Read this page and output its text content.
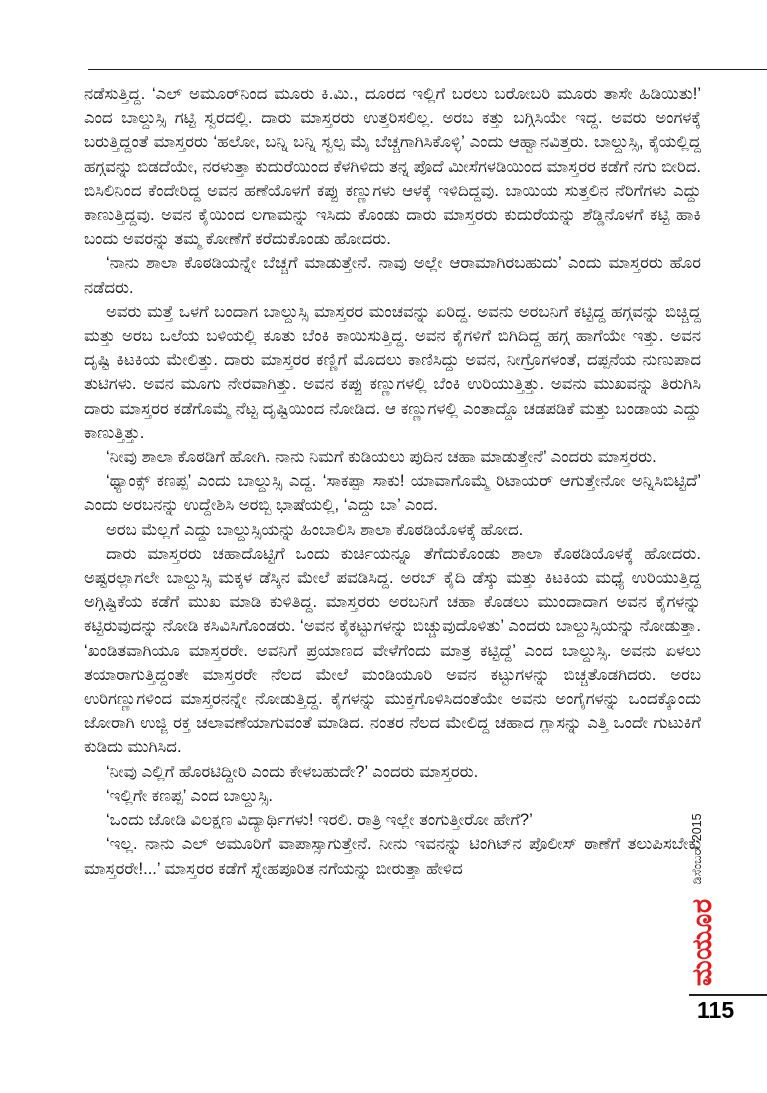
ನಡೆಸುತ್ತಿದ್ದ. ‘ಎಲ್ ಅಮೂರ್‌ನಿಂದ ಮೂರು ಕಿ.ಮಿ., ದೂರದ ಇಲ್ಲಿಗೆ ಬರಲು ಬರೋಬರಿ ಮೂರು ತಾಸೇ ಹಿಡಿಯಿತು!’ ಎಂದ ಬಾಲ್ದುಸ್ಸಿ ಗಟ್ಟಿ ಸ್ವರದಲ್ಲಿ. ದಾರು ಮಾಸ್ತರರು ಉತ್ತರಿಸಲಿಲ್ಲ. ಅರಬ ಕತ್ತು ಬಗ್ಗಿಸಿಯೇ ಇದ್ದ. ಅವರು ಅಂಗಳಕ್ಕೆ ಬರುತ್ತಿದ್ದಂತೆ ಮಾಸ್ತರರು ‘ಹಲೋ, ಬನ್ನಿ ಬನ್ನಿ ಸ್ವಲ್ಪ ಮೈ ಬೆಚ್ಚಗಾಗಿಸಿಕೊಳ್ಳಿ’ ಎಂದು ಆಹ್ವಾನವಿತ್ತರು. ಬಾಲ್ದುಸ್ಸಿ, ಕೈಯಲ್ಲಿದ್ದ ಹಗ್ಗವನ್ನು ಬಿಡದೆಯೇ, ನರಳುತ್ತಾ ಕುದುರೆಯಿಂದ ಕೆಳಗಿಳಿದು ತನ್ನ ಪೊದೆ ಮೀಸೆಗಳಡಿಯಿಂದ ಮಾಸ್ತರರ ಕಡೆಗೆ ನಗು ಬೀರಿದ. ಬಿಸಿಲಿನಿಂದ ಕೆಂದೇರಿದ್ದ ಅವನ ಹಣೆಯೊಳಗೆ ಕಪ್ಪು ಕಣ್ಣುಗಳು ಆಳಕ್ಕೆ ಇಳಿದಿದ್ದವು. ಬಾಯಿಯ ಸುತ್ತಲಿನ ನೆರಿಗೆಗಳು ಎದ್ದು ಕಾಣುತ್ತಿದ್ದವು. ಅವನ ಕೈಯಿಂದ ಲಗಾಮನ್ನು ಇಸಿದು ಕೊಂಡು ದಾರು ಮಾಸ್ತರರು ಕುದುರೆಯನ್ನು ಶೆಡ್ಡಿನೊಳಗೆ ಕಟ್ಟಿ ಹಾಕಿ ಬಂದು ಅವರನ್ನು ತಮ್ಮ ಕೋಣೆಗೆ ಕರೆದುಕೊಂಡು ಹೋದರು.

‘ನಾನು ಶಾಲಾ ಕೊಠಡಿಯನ್ನೇ ಬೆಚ್ಚಗೆ ಮಾಡುತ್ತೇನೆ. ನಾವು ಅಲ್ಲೇ ಆರಾಮಾಗಿರಬಹುದು’ ಎಂದು ಮಾಸ್ತರರು ಹೊರ ನಡೆದರು.

ಅವರು ಮತ್ತೆ ಒಳಗೆ ಬಂದಾಗ ಬಾಲ್ದುಸ್ಸಿ ಮಾಸ್ತರರ ಮಂಚವನ್ನು ಏರಿದ್ದ. ಅವನು ಅರಬನಿಗೆ ಕಟ್ಟಿದ್ದ ಹಗ್ಗವನ್ನು ಬಿಚ್ಚಿದ್ದ ಮತ್ತು ಅರಬ ಒಲೆಯ ಬಳಿಯಲ್ಲಿ ಕೂತು ಬೆಂಕಿ ಕಾಯಿಸುತ್ತಿದ್ದ. ಅವನ ಕೈಗಳಿಗೆ ಬಿಗಿದಿದ್ದ ಹಗ್ಗ ಹಾಗೆಯೇ ಇತ್ತು. ಅವನ ದೃಷ್ಟಿ ಕಿಟಕಿಯ ಮೇಲಿತ್ತು. ದಾರು ಮಾಸ್ತರರ ಕಣ್ಣಿಗೆ ಮೊದಲು ಕಾಣಿಸಿದ್ದು ಅವನ, ನೀಗ್ರೊಗಳಂತೆ, ದಪ್ಪನೆಯ ನುಣುಪಾದ ತುಟಿಗಳು. ಅವನ ಮೂಗು ನೇರವಾಗಿತ್ತು. ಅವನ ಕಪ್ಪು ಕಣ್ಣುಗಳಲ್ಲಿ ಬೆಂಕಿ ಉರಿಯುತ್ತಿತ್ತು. ಅವನು ಮುಖವನ್ನು ತಿರುಗಿಸಿ ದಾರು ಮಾಸ್ತರರ ಕಡೆಗೊಮ್ಮೆ ನೆಟ್ಟ ದೃಷ್ಟಿಯಿಂದ ನೋಡಿದ. ಆ ಕಣ್ಣುಗಳಲ್ಲಿ ಎಂತಾದ್ದೊ ಚಡಪಡಿಕೆ ಮತ್ತು ಬಂಡಾಯ ಎದ್ದು ಕಾಣುತ್ತಿತ್ತು.

‘ನೀವು ಶಾಲಾ ಕೊಠಡಿಗೆ ಹೋಗಿ. ನಾನು ನಿಮಗೆ ಕುಡಿಯಲು ಪುದಿನ ಚಹಾ ಮಾಡುತ್ತೇನೆ’ ಎಂದರು ಮಾಸ್ತರರು.

‘ಥ್ಯಾಂಕ್ಸ್ ಕಣಪ್ಪ’ ಎಂದು ಬಾಲ್ದುಸ್ಸಿ ಎದ್ದ. ‘ಸಾಕಪ್ಪಾ ಸಾಕು! ಯಾವಾಗೊಮ್ಮೆ ರಿಟಾಯರ್ ಆಗುತ್ತೇನೋ ಅನ್ನಿಸಿಬಿಟ್ಟಿದೆ’ ಎಂದು ಅರಬನನ್ನು ಉದ್ದೇಶಿಸಿ ಅರಬ್ಬಿ ಭಾಷೆಯಲ್ಲಿ, ‘ಎದ್ದು ಬಾ’ ಎಂದ.

ಅರಬ ಮೆಲ್ಲಗೆ ಎದ್ದು ಬಾಲ್ದುಸ್ಸಿಯನ್ನು ಹಿಂಬಾಲಿಸಿ ಶಾಲಾ ಕೊಠಡಿಯೊಳಕ್ಕೆ ಹೋದ.

ದಾರು ಮಾಸ್ತರರು ಚಹಾದೊಟ್ಟಿಗೆ ಒಂದು ಕುರ್ಚಿಯನ್ನೂ ತೆಗೆದುಕೊಂಡು ಶಾಲಾ ಕೊಠಡಿಯೊಳಕ್ಕೆ ಹೋದರು. ಅಷ್ಟರಲ್ಲಾಗಲೇ ಬಾಲ್ದುಸ್ಸಿ ಮಕ್ಕಳ ಡೆಸ್ಕಿನ ಮೇಲೆ ಪವಡಿಸಿದ್ದ. ಅರಬ್ ಕೈದಿ ಡೆಸ್ಕು ಮತ್ತು ಕಿಟಕಿಯ ಮಧ್ಯೆ ಉರಿಯುತ್ತಿದ್ದ ಅಗ್ಗಿಷ್ಟಿಕೆಯ ಕಡೆಗೆ ಮುಖ ಮಾಡಿ ಕುಳಿತಿದ್ದ. ಮಾಸ್ತರರು ಅರಬನಿಗೆ ಚಹಾ ಕೊಡಲು ಮುಂದಾದಾಗ ಅವನ ಕೈಗಳನ್ನು ಕಟ್ಟಿರುವುದನ್ನು ನೋಡಿ ಕಸಿವಿಸಿಗೊಂಡರು. ‘ಅವನ ಕೈಕಟ್ಟುಗಳನ್ನು ಬಿಚ್ಚುವುದೊಳಿತು’ ಎಂದರು ಬಾಲ್ದುಸ್ಸಿಯನ್ನು ನೋಡುತ್ತಾ. ‘ಖಂಡಿತವಾಗಿಯೂ ಮಾಸ್ತರರೇ. ಅವನಿಗೆ ಪ್ರಯಾಣದ ವೇಳೆಗೆಂದು ಮಾತ್ರ ಕಟ್ಟಿದ್ದೆ’ ಎಂದ ಬಾಲ್ದುಸ್ಸಿ. ಅವನು ಏಳಲು ತಯಾರಾಗುತ್ತಿದ್ದಂತೇ ಮಾಸ್ತರರೇ ನೆಲದ ಮೇಲೆ ಮಂಡಿಯೂರಿ ಅವನ ಕಟ್ಟುಗಳನ್ನು ಬಿಚ್ಚತೊಡಗಿದರು. ಅರಬ ಉರಿಗಣ್ಣುಗಳಿಂದ ಮಾಸ್ತರನನ್ನೇ ನೋಡುತ್ತಿದ್ದ. ಕೈಗಳನ್ನು ಮುಕ್ತಗೊಳಿಸಿದಂತೆಯೇ ಅವನು ಅಂಗೈಗಳನ್ನು ಒಂದಕ್ಕೊಂದು ಜೋರಾಗಿ ಉಜ್ಜಿ ರಕ್ತ ಚಲಾವಣೆಯಾಗುವಂತೆ ಮಾಡಿದ. ನಂತರ ನೆಲದ ಮೇಲಿದ್ದ ಚಹಾದ ಗ್ಲಾಸನ್ನು ಎತ್ತಿ ಒಂದೇ ಗುಟುಕಿಗೆ ಕುಡಿದು ಮುಗಿಸಿದ.

‘ನೀವು ಎಲ್ಲಿಗೆ ಹೊರಟಿದ್ದೀರಿ ಎಂದು ಕೇಳಬಹುದೇ?’ ಎಂದರು ಮಾಸ್ತರರು.

‘ಇಲ್ಲಿಗೇ ಕಣಪ್ಪ’ ಎಂದ ಬಾಲ್ದುಸ್ಸಿ.

‘ಒಂದು ಜೋಡಿ ವಿಲಕ್ಷಣ ವಿದ್ಯಾರ್ಥಿಗಳು! ಇರಲಿ. ರಾತ್ರಿ ಇಲ್ಲೇ ತಂಗುತ್ತೀರೋ ಹೇಗೆ?’

‘ಇಲ್ಲ. ನಾನು ಎಲ್ ಅಮೂರಿಗೆ ವಾಪಾಸ್ಸಾಗುತ್ತೇನೆ. ನೀನು ಇವನನ್ನು ಟಿಂಗಿಟ್‌ನ ಪೊಲೀಸ್ ಠಾಣೆಗೆ ತಲುಪಿಸಬೇಕು ಮಾಸ್ತರರೇ!...’ ಮಾಸ್ತರರ ಕಡೆಗೆ ಸ್ನೇಹಪೂರಿತ ನಗೆಯನ್ನು ಬೀರುತ್ತಾ ಹೇಳಿದ

ಮಯೂರ
ಡಿಸೆಂಬರ್ 2015
115
